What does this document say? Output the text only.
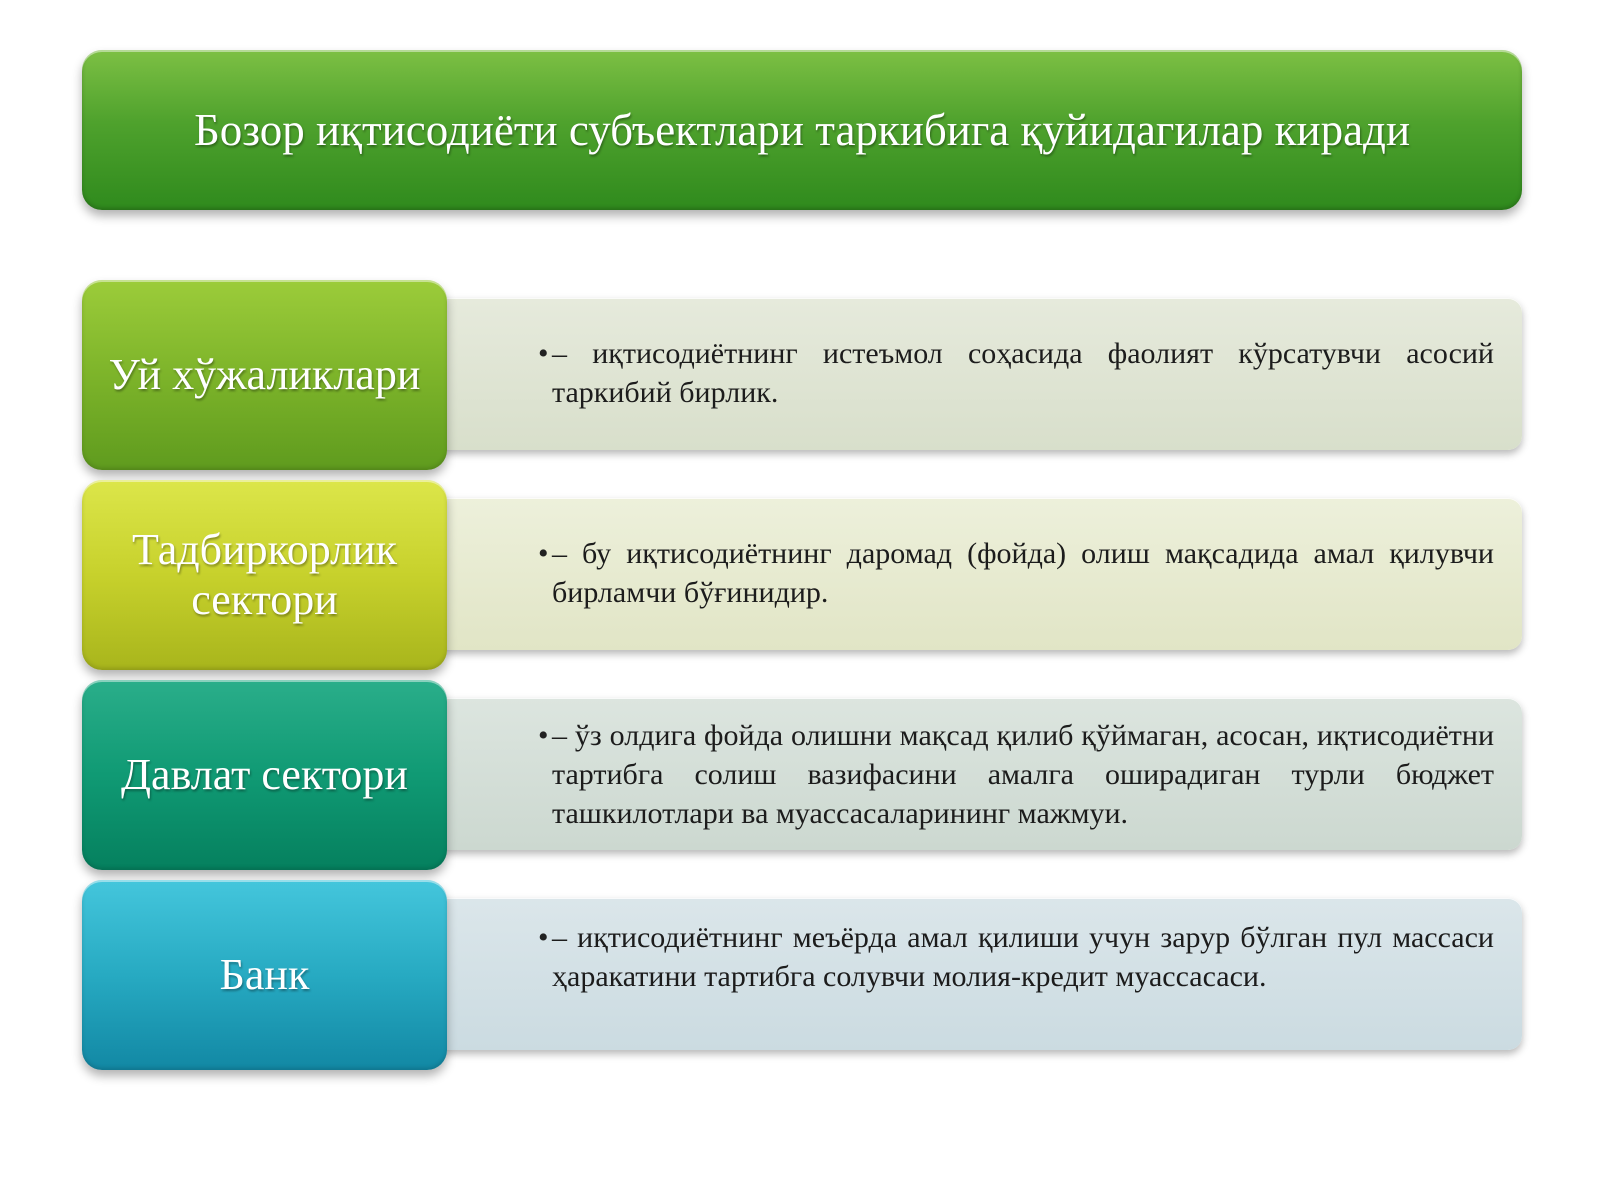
Бозор иқтисодиёти субъектлари таркибига қуйидагилар киради
• – иқтисодиётнинг истеъмол соҳасида фаолият кўрсатувчи асосий таркибий бирлик.
Уй хўжаликлари
• – бу иқтисодиётнинг даромад (фойда) олиш мақсадида амал қилувчи бирламчи бўғинидир.
Тадбиркорлик сектори
• – ўз олдига фойда олишни мақсад қилиб қўймаган, асосан, иқтисодиётни тартибга солиш вазифасини амалга оширадиган турли бюджет ташкилотлари ва муассасаларининг мажмуи.
Давлат сектори
• – иқтисодиётнинг меъёрда амал қилиши учун зарур бўлган пул массаси ҳаракатини тартибга солувчи молия-кредит муассасаси.
Банк
